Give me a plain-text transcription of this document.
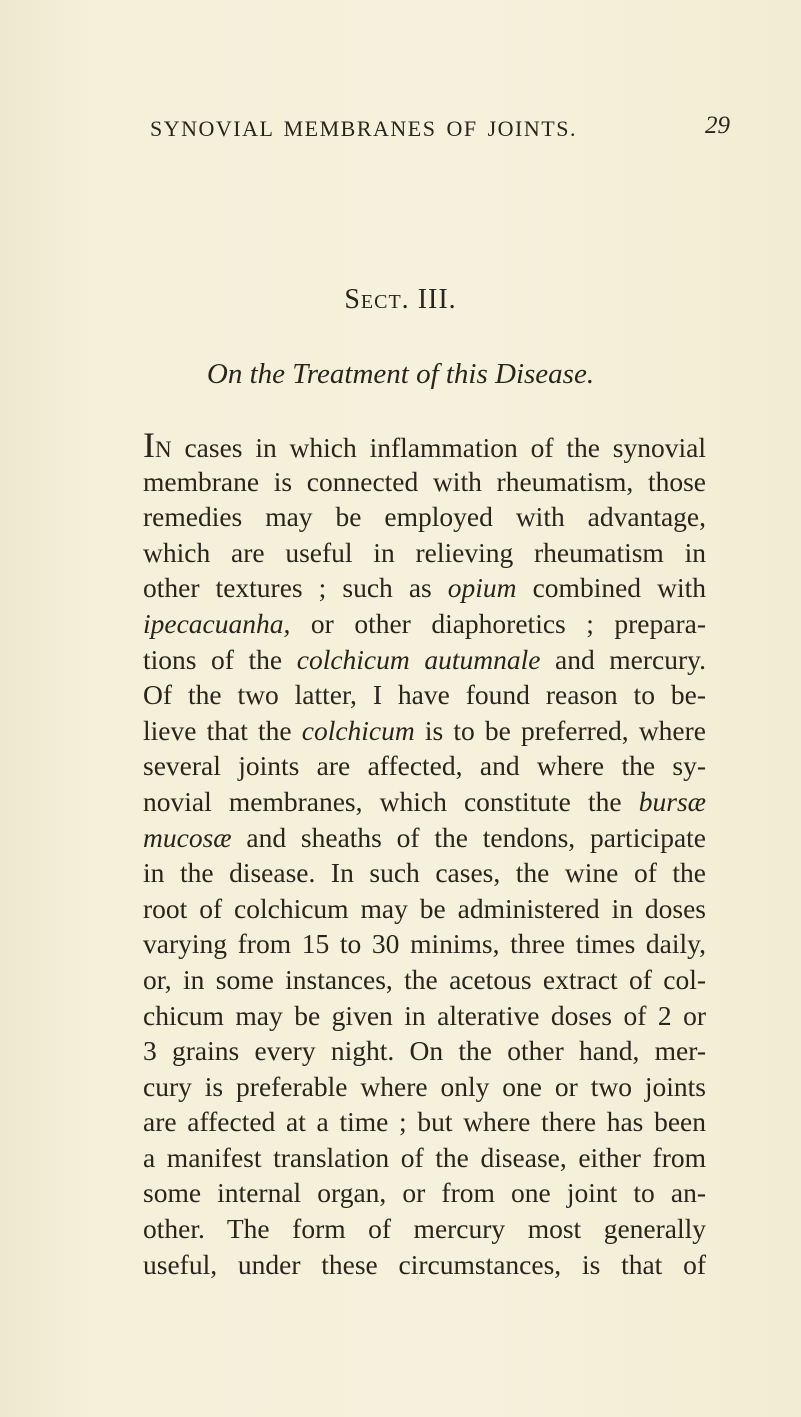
SYNOVIAL MEMBRANES OF JOINTS.	29
Sect. III.
On the Treatment of this Disease.
IN cases in which inflammation of the synovial
membrane is connected with rheumatism, those
remedies may be employed with advantage,
which are useful in relieving rheumatism in
other textures ; such as opium combined with
ipecacuanha, or other diaphoretics ; prepara-
tions of the colchicum autumnale and mercury.
Of the two latter, I have found reason to be-
lieve that the colchicum is to be preferred, where
several joints are affected, and where the sy-
novial membranes, which constitute the bursæ
mucosæ and sheaths of the tendons, participate
in the disease. In such cases, the wine of the
root of colchicum may be administered in doses
varying from 15 to 30 minims, three times daily,
or, in some instances, the acetous extract of col-
chicum may be given in alterative doses of 2 or
3 grains every night. On the other hand, mer-
cury is preferable where only one or two joints
are affected at a time ; but where there has been
a manifest translation of the disease, either from
some internal organ, or from one joint to an-
other. The form of mercury most generally
useful, under these circumstances, is that of
